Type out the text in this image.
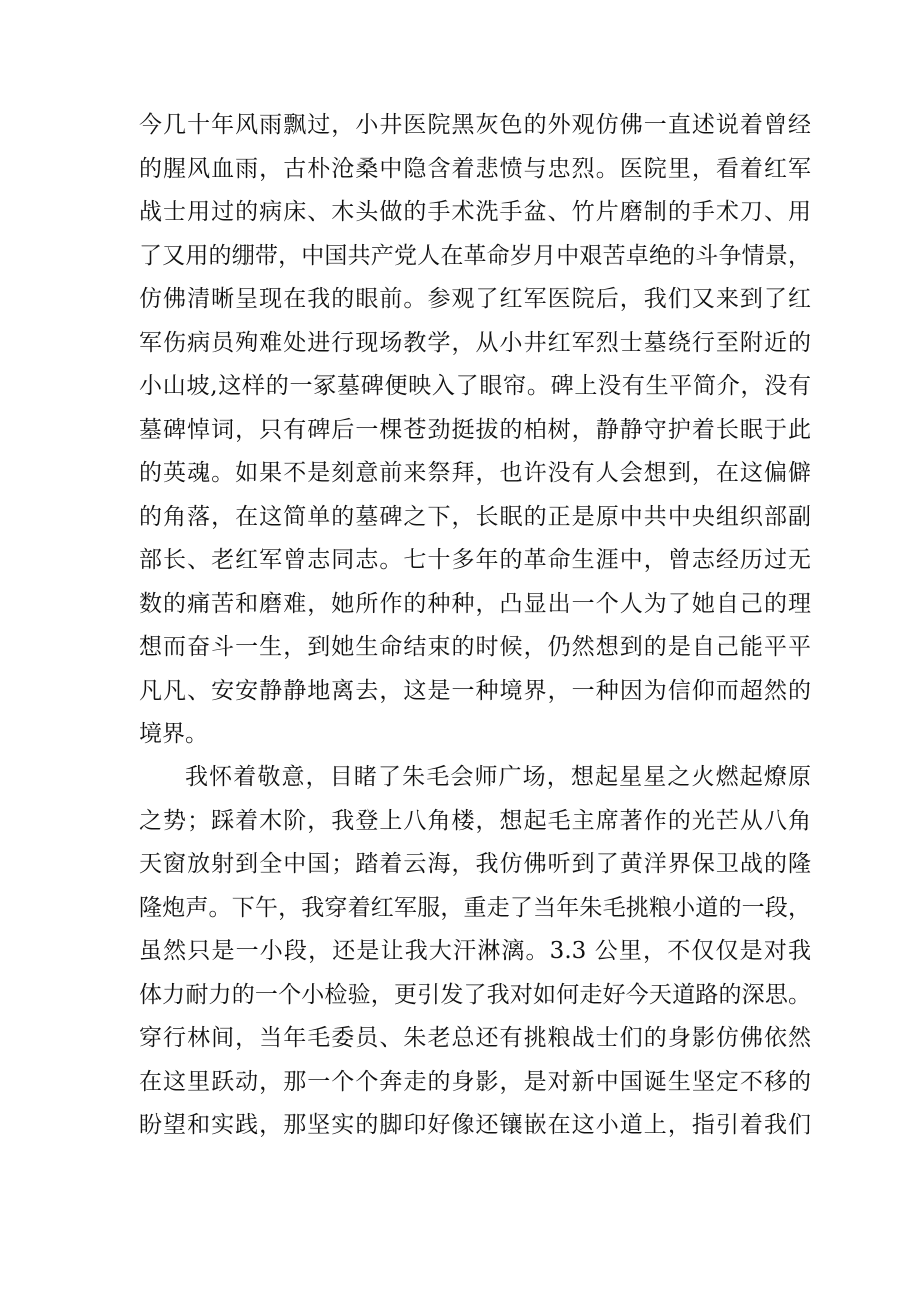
今几十年风雨飘过，小井医院黑灰色的外观仿佛一直述说着曾经
的腥风血雨，古朴沧桑中隐含着悲愤与忠烈。医院里，看着红军
战士用过的病床、木头做的手术洗手盆、竹片磨制的手术刀、用
了又用的绷带，中国共产党人在革命岁月中艰苦卓绝的斗争情景，
仿佛清晰呈现在我的眼前。参观了红军医院后，我们又来到了红
军伤病员殉难处进行现场教学，从小井红军烈士墓绕行至附近的
小山坡,这样的一冢墓碑便映入了眼帘。碑上没有生平简介，没有
墓碑悼词，只有碑后一棵苍劲挺拔的柏树，静静守护着长眠于此
的英魂。如果不是刻意前来祭拜，也许没有人会想到，在这偏僻
的角落，在这简单的墓碑之下，长眠的正是原中共中央组织部副
部长、老红军曾志同志。七十多年的革命生涯中，曾志经历过无
数的痛苦和磨难，她所作的种种，凸显出一个人为了她自己的理
想而奋斗一生，到她生命结束的时候，仍然想到的是自己能平平
凡凡、安安静静地离去，这是一种境界，一种因为信仰而超然的
境界。
我怀着敬意，目睹了朱毛会师广场，想起星星之火燃起燎原
之势；踩着木阶，我登上八角楼，想起毛主席著作的光芒从八角
天窗放射到全中国；踏着云海，我仿佛听到了黄洋界保卫战的隆
隆炮声。下午，我穿着红军服，重走了当年朱毛挑粮小道的一段，
虽然只是一小段，还是让我大汗淋漓。3.3 公里，不仅仅是对我
体力耐力的一个小检验，更引发了我对如何走好今天道路的深思。
穿行林间，当年毛委员、朱老总还有挑粮战士们的身影仿佛依然
在这里跃动，那一个个奔走的身影，是对新中国诞生坚定不移的
盼望和实践，那坚实的脚印好像还镶嵌在这小道上，指引着我们
